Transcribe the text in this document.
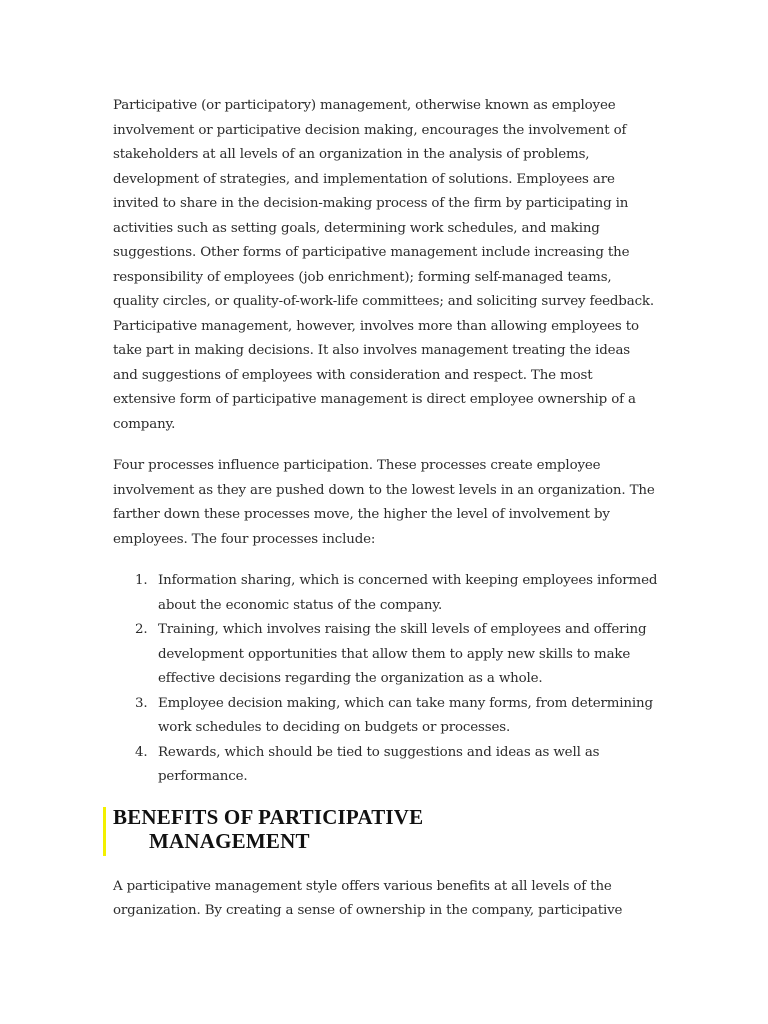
Participative (or participatory) management, otherwise known as employee involvement or participative decision making, encourages the involvement of stakeholders at all levels of an organization in the analysis of problems, development of strategies, and implementation of solutions. Employees are invited to share in the decision-making process of the firm by participating in activities such as setting goals, determining work schedules, and making suggestions. Other forms of participative management include increasing the responsibility of employees (job enrichment); forming self-managed teams, quality circles, or quality-of-work-life committees; and soliciting survey feedback. Participative management, however, involves more than allowing employees to take part in making decisions. It also involves management treating the ideas and suggestions of employees with consideration and respect. The most extensive form of participative management is direct employee ownership of a company.

Four processes influence participation. These processes create employee involvement as they are pushed down to the lowest levels in an organization. The farther down these processes move, the higher the level of involvement by employees. The four processes include:

1. Information sharing, which is concerned with keeping employees informed about the economic status of the company.
2. Training, which involves raising the skill levels of employees and offering development opportunities that allow them to apply new skills to make effective decisions regarding the organization as a whole.
3. Employee decision making, which can take many forms, from determining work schedules to deciding on budgets or processes.
4. Rewards, which should be tied to suggestions and ideas as well as performance.
BENEFITS OF PARTICIPATIVE
MANAGEMENT

A participative management style offers various benefits at all levels of the organization. By creating a sense of ownership in the company, participative
